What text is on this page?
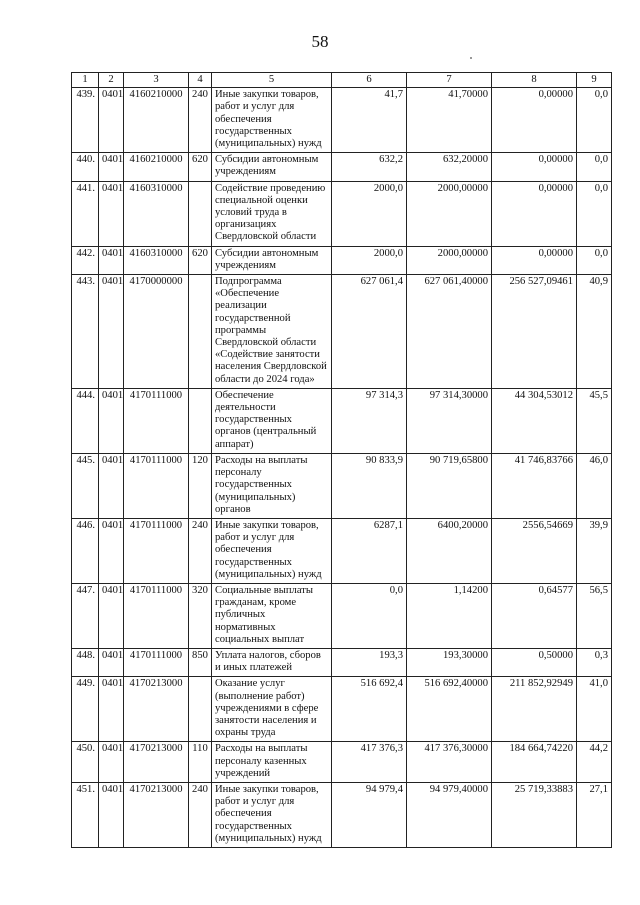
58
1	2	3	4	5	6	7	8	9
439.	0401	4160210000	240	Иные закупки товаров, работ и услуг для обеспечения государственных (муниципальных) нужд	41,7	41,70000	0,00000	0,0
440.	0401	4160210000	620	Субсидии автономным учреждениям	632,2	632,20000	0,00000	0,0
441.	0401	4160310000		Содействие проведению специальной оценки условий труда в организациях Свердловской области	2000,0	2000,00000	0,00000	0,0
442.	0401	4160310000	620	Субсидии автономным учреждениям	2000,0	2000,00000	0,00000	0,0
443.	0401	4170000000		Подпрограмма «Обеспечение реализации государственной программы Свердловской области «Содействие занятости населения Свердловской области до 2024 года»	627 061,4	627 061,40000	256 527,09461	40,9
444.	0401	4170111000		Обеспечение деятельности государственных органов (центральный аппарат)	97 314,3	97 314,30000	44 304,53012	45,5
445.	0401	4170111000	120	Расходы на выплаты персоналу государственных (муниципальных) органов	90 833,9	90 719,65800	41 746,83766	46,0
446.	0401	4170111000	240	Иные закупки товаров, работ и услуг для обеспечения государственных (муниципальных) нужд	6287,1	6400,20000	2556,54669	39,9
447.	0401	4170111000	320	Социальные выплаты гражданам, кроме публичных нормативных социальных выплат	0,0	1,14200	0,64577	56,5
448.	0401	4170111000	850	Уплата налогов, сборов и иных платежей	193,3	193,30000	0,50000	0,3
449.	0401	4170213000		Оказание услуг (выполнение работ) учреждениями в сфере занятости населения и охраны труда	516 692,4	516 692,40000	211 852,92949	41,0
450.	0401	4170213000	110	Расходы на выплаты персоналу казенных учреждений	417 376,3	417 376,30000	184 664,74220	44,2
451.	0401	4170213000	240	Иные закупки товаров, работ и услуг для обеспечения государственных (муниципальных) нужд	94 979,4	94 979,40000	25 719,33883	27,1
